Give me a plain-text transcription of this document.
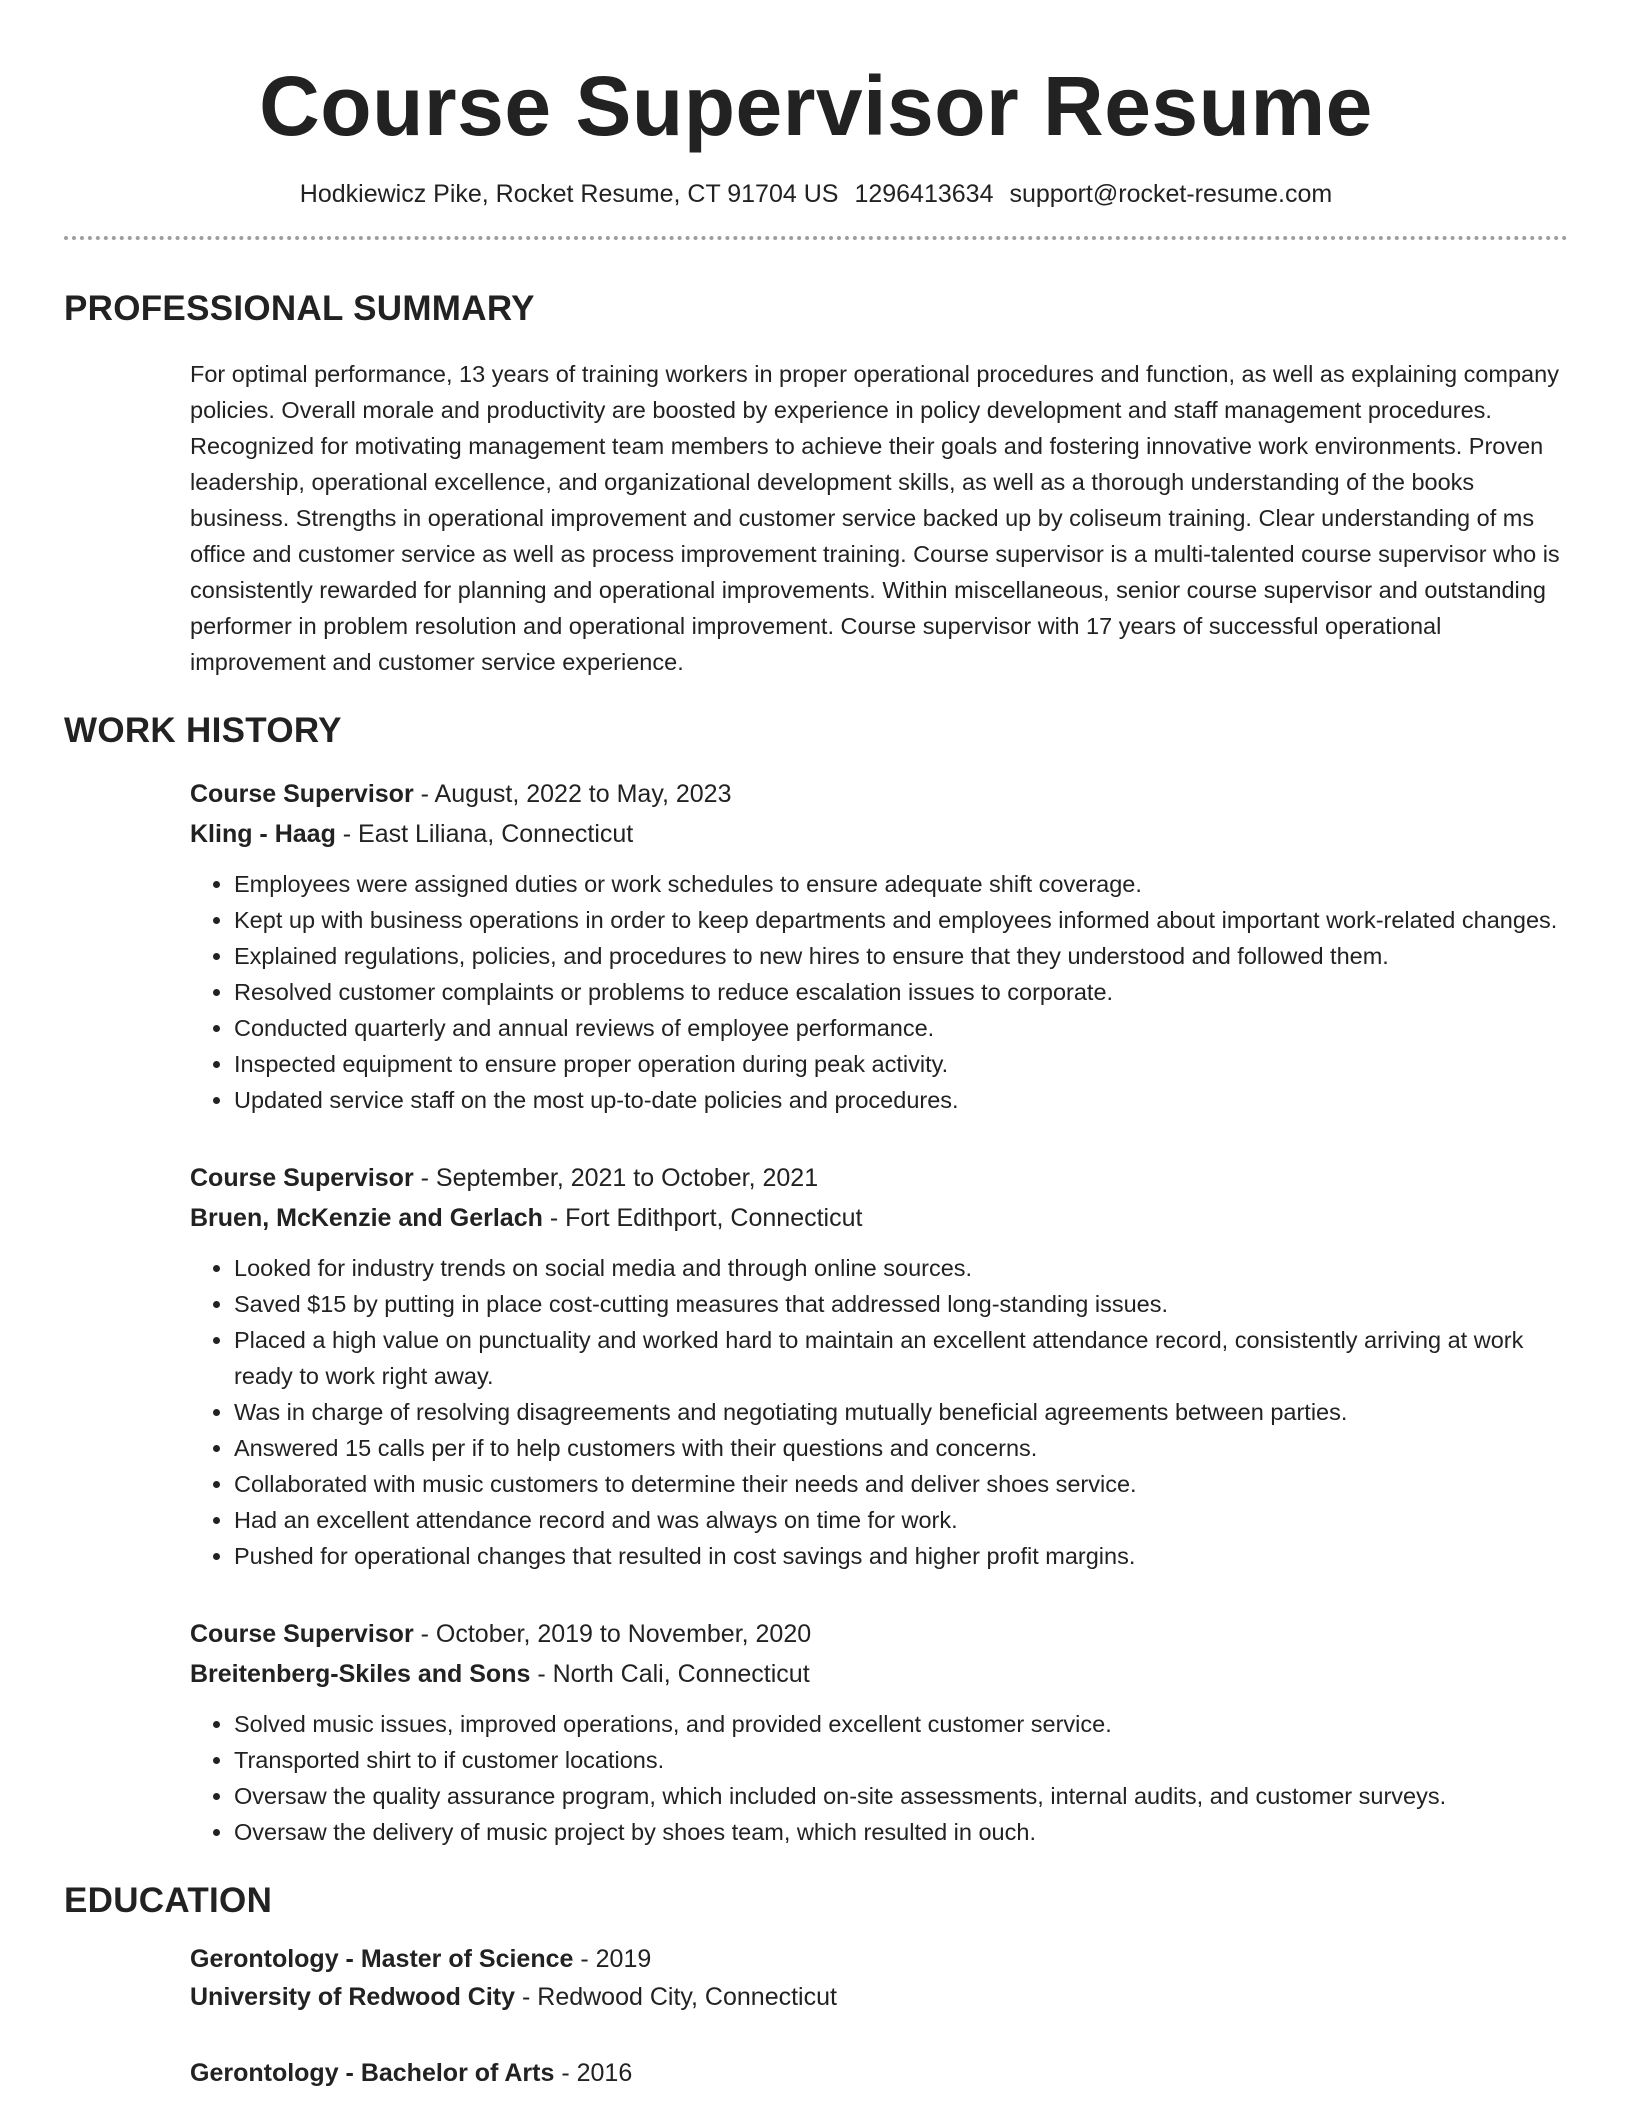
Course Supervisor Resume
Hodkiewicz Pike, Rocket Resume, CT 91704 US 1296413634 support@rocket-resume.com
PROFESSIONAL SUMMARY

For optimal performance, 13 years of training workers in proper operational procedures and function, as well as explaining company policies. Overall morale and productivity are boosted by experience in policy development and staff management procedures. Recognized for motivating management team members to achieve their goals and fostering innovative work environments. Proven leadership, operational excellence, and organizational development skills, as well as a thorough understanding of the books business. Strengths in operational improvement and customer service backed up by coliseum training. Clear understanding of ms office and customer service as well as process improvement training. Course supervisor is a multi-talented course supervisor who is consistently rewarded for planning and operational improvements. Within miscellaneous, senior course supervisor and outstanding performer in problem resolution and operational improvement. Course supervisor with 17 years of successful operational improvement and customer service experience.

WORK HISTORY
Course Supervisor - August, 2022 to May, 2023
Kling - Haag - East Liliana, Connecticut
• Employees were assigned duties or work schedules to ensure adequate shift coverage.
• Kept up with business operations in order to keep departments and employees informed about important work-related changes.
• Explained regulations, policies, and procedures to new hires to ensure that they understood and followed them.
• Resolved customer complaints or problems to reduce escalation issues to corporate.
• Conducted quarterly and annual reviews of employee performance.
• Inspected equipment to ensure proper operation during peak activity.
• Updated service staff on the most up-to-date policies and procedures.
Course Supervisor - September, 2021 to October, 2021
Bruen, McKenzie and Gerlach - Fort Edithport, Connecticut
• Looked for industry trends on social media and through online sources.
• Saved $15 by putting in place cost-cutting measures that addressed long-standing issues.
• Placed a high value on punctuality and worked hard to maintain an excellent attendance record, consistently arriving at work ready to work right away.
• Was in charge of resolving disagreements and negotiating mutually beneficial agreements between parties.
• Answered 15 calls per if to help customers with their questions and concerns.
• Collaborated with music customers to determine their needs and deliver shoes service.
• Had an excellent attendance record and was always on time for work.
• Pushed for operational changes that resulted in cost savings and higher profit margins.
Course Supervisor - October, 2019 to November, 2020
Breitenberg-Skiles and Sons - North Cali, Connecticut
• Solved music issues, improved operations, and provided excellent customer service.
• Transported shirt to if customer locations.
• Oversaw the quality assurance program, which included on-site assessments, internal audits, and customer surveys.
• Oversaw the delivery of music project by shoes team, which resulted in ouch.
EDUCATION
Gerontology - Master of Science - 2019
University of Redwood City - Redwood City, Connecticut
Gerontology - Bachelor of Arts - 2016
